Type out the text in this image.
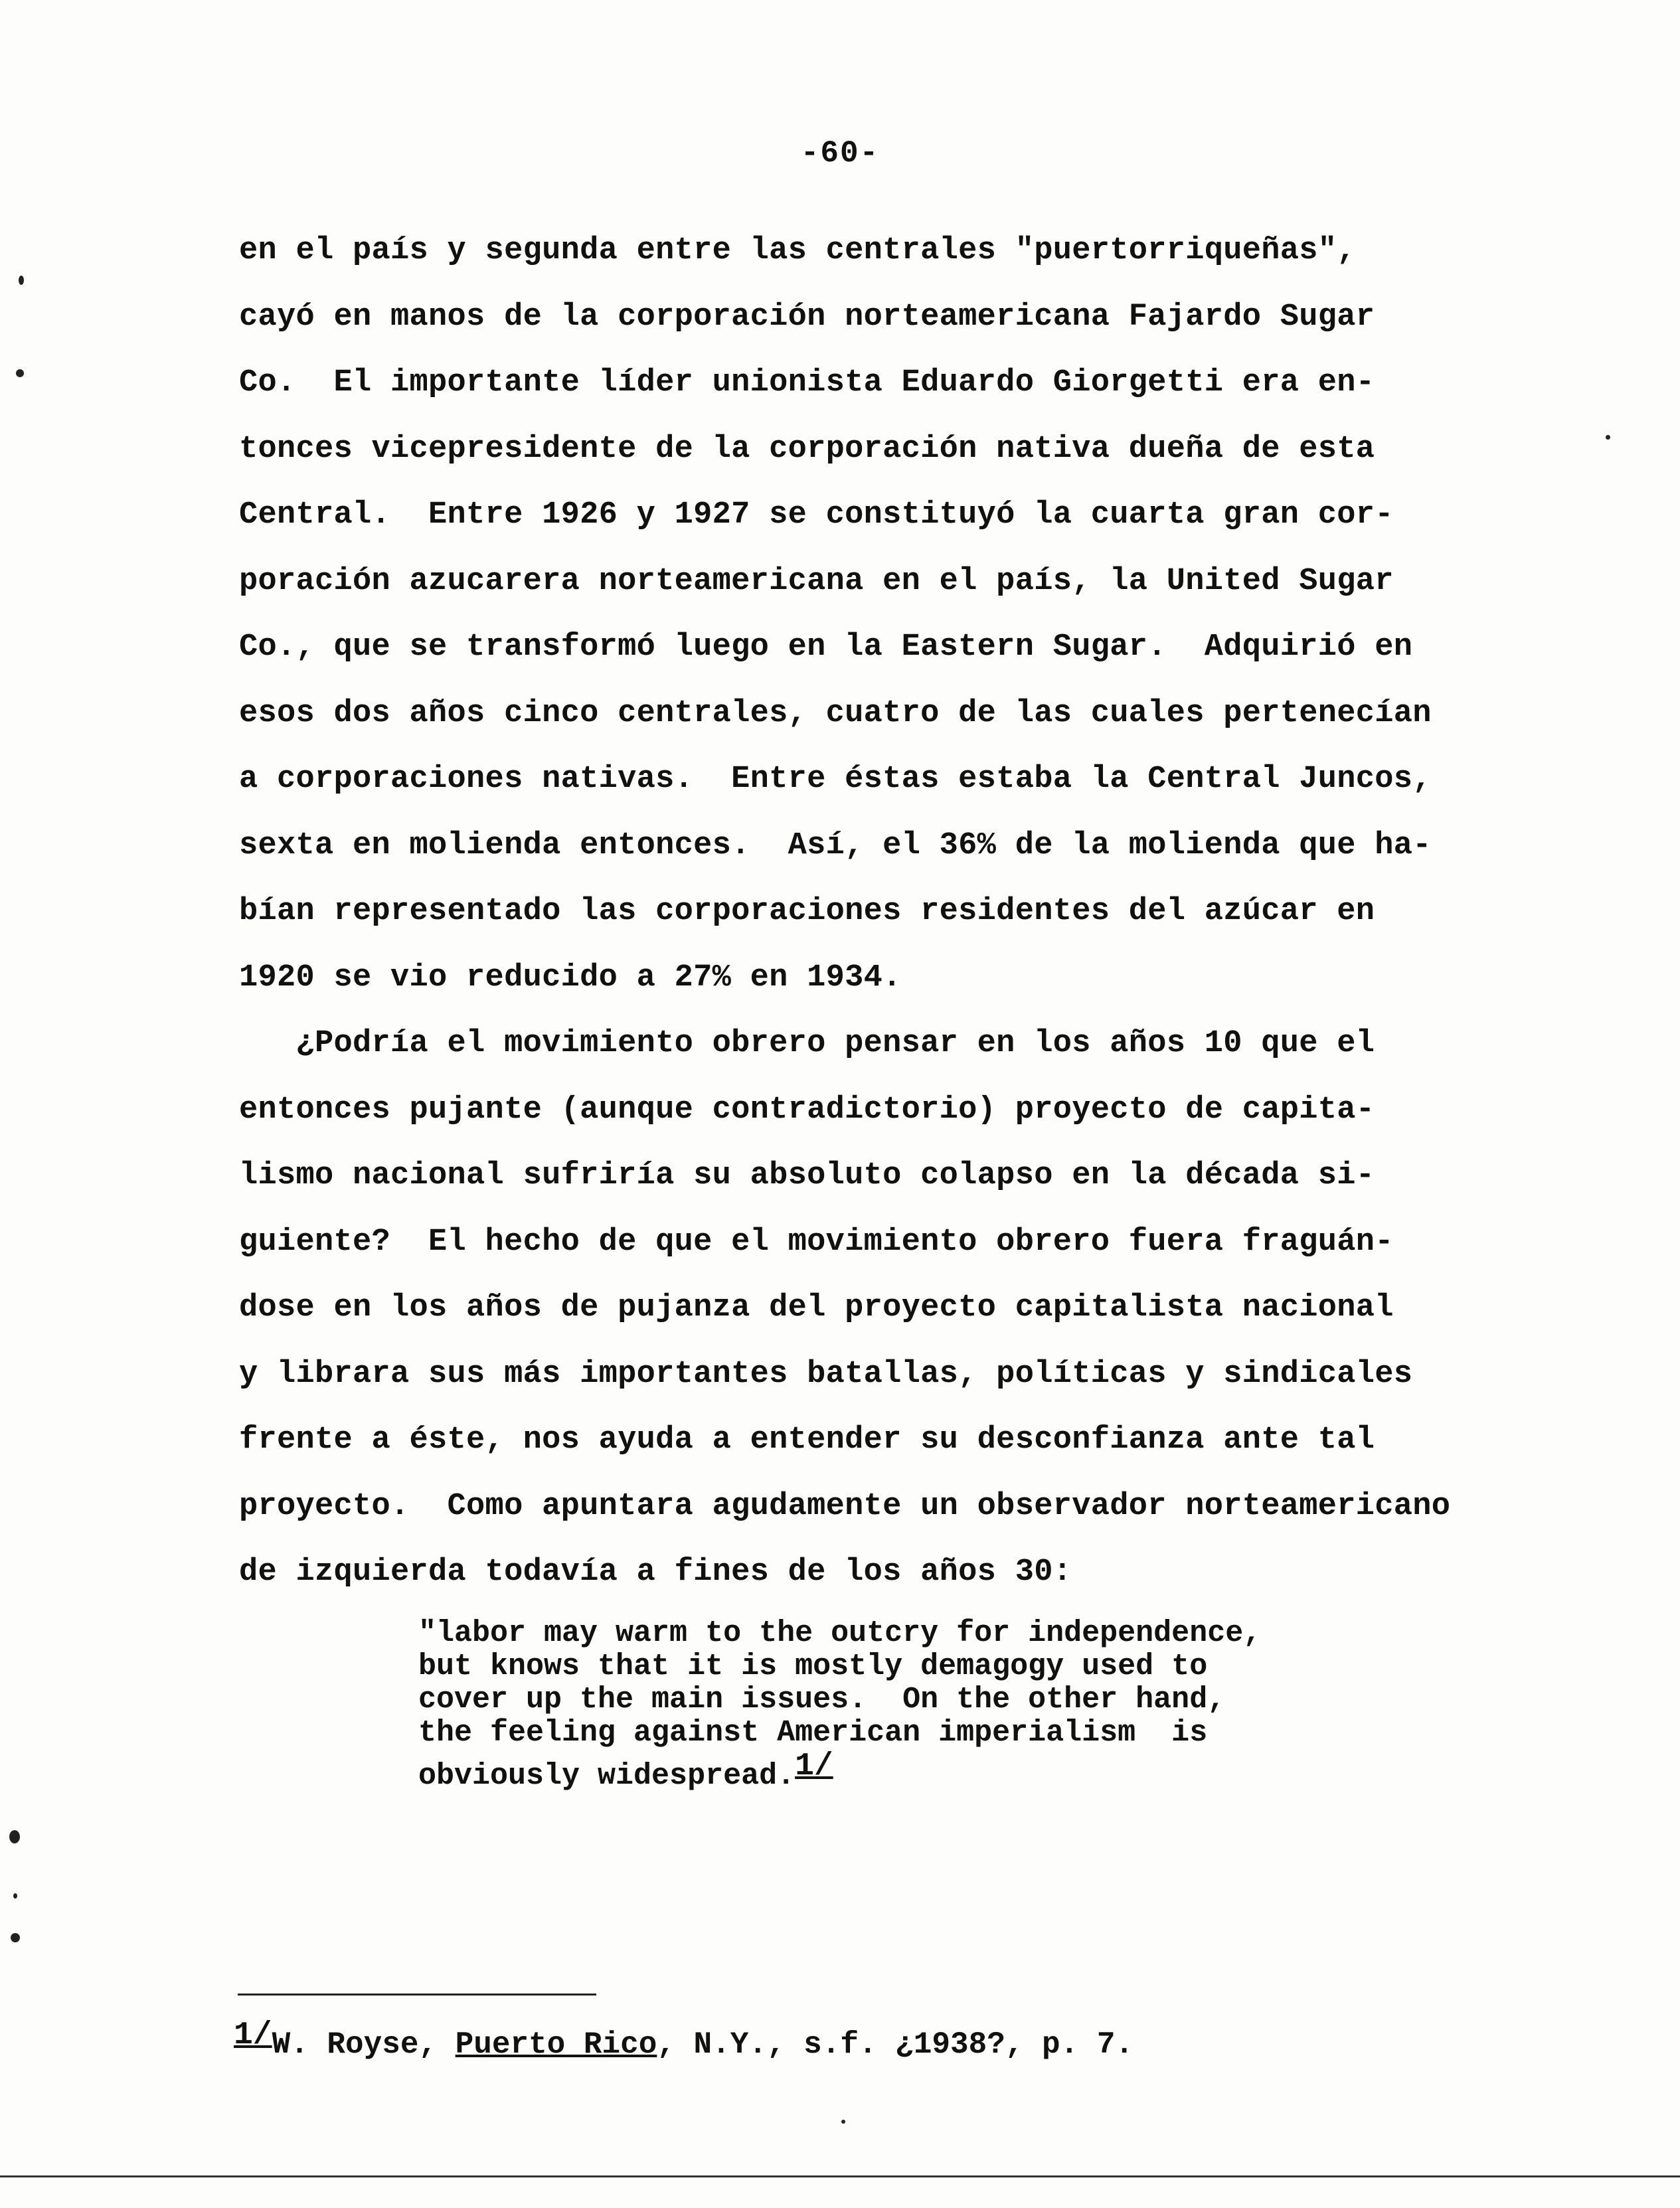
-60-
en el país y segunda entre las centrales "puertorriqueñas",
cayó en manos de la corporación norteamericana Fajardo Sugar
Co.  El importante líder unionista Eduardo Giorgetti era en-
tonces vicepresidente de la corporación nativa dueña de esta
Central.  Entre 1926 y 1927 se constituyó la cuarta gran cor-
poración azucarera norteamericana en el país, la United Sugar
Co., que se transformó luego en la Eastern Sugar.  Adquirió en
esos dos años cinco centrales, cuatro de las cuales pertenecían
a corporaciones nativas.  Entre éstas estaba la Central Juncos,
sexta en molienda entonces.  Así, el 36% de la molienda que ha-
bían representado las corporaciones residentes del azúcar en
1920 se vio reducido a 27% en 1934.
¿Podría el movimiento obrero pensar en los años 10 que el
entonces pujante (aunque contradictorio) proyecto de capita-
lismo nacional sufriría su absoluto colapso en la década si-
guiente?  El hecho de que el movimiento obrero fuera fraguán-
dose en los años de pujanza del proyecto capitalista nacional
y librara sus más importantes batallas, políticas y sindicales
frente a éste, nos ayuda a entender su desconfianza ante tal
proyecto.  Como apuntara agudamente un observador norteamericano
de izquierda todavía a fines de los años 30:
"labor may warm to the outcry for independence,
but knows that it is mostly demagogy used to
cover up the main issues.  On the other hand,
the feeling against American imperialism  is
obviously widespread.1/
1/W. Royse, Puerto Rico, N.Y., s.f. ¿1938?, p. 7.
